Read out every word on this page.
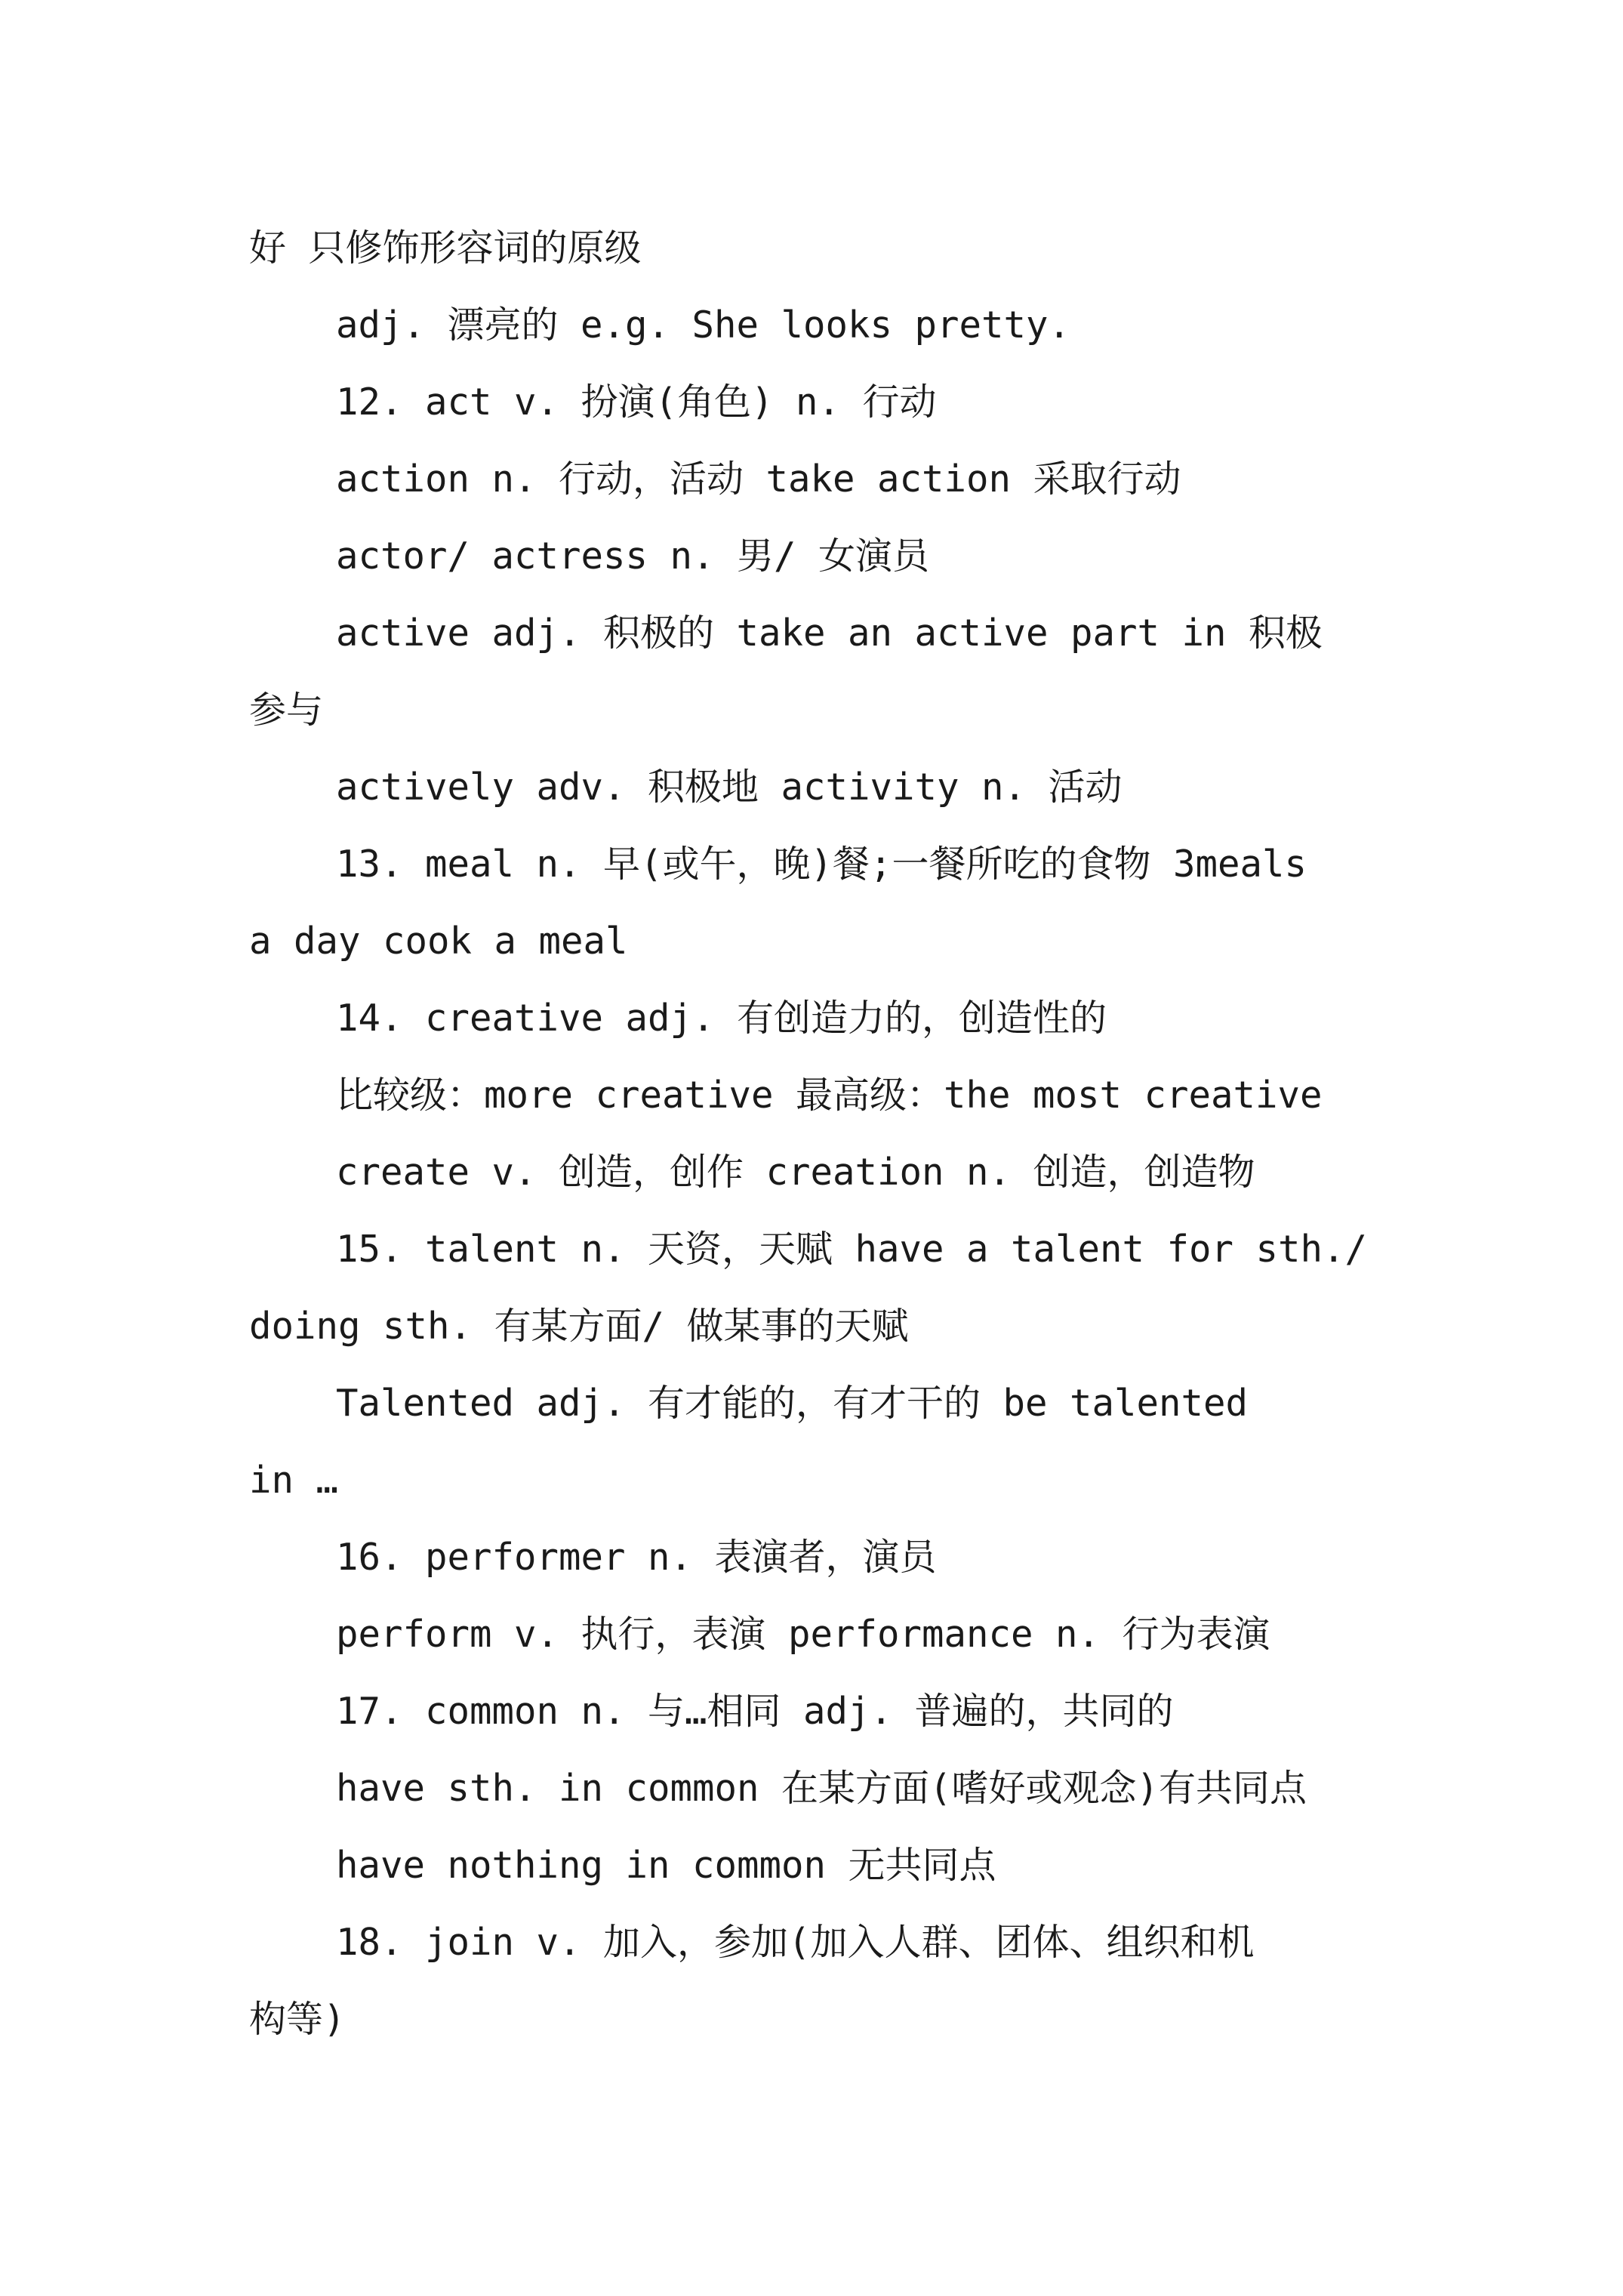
好 只修饰形容词的原级
adj. 漂亮的 e.g. She looks pretty.
12. act v. 扮演(角色) n. 行动
action n. 行动，活动 take action 采取行动
actor/ actress n. 男/ 女演员
active adj. 积极的 take an active part in 积极
参与
actively adv. 积极地 activity n. 活动
13. meal n. 早(或午，晚)餐;一餐所吃的食物 3meals
a day cook a meal
14. creative adj. 有创造力的，创造性的
比较级：more creative 最高级：the most creative
create v. 创造，创作 creation n. 创造，创造物
15. talent n. 天资，天赋 have a talent for sth./
doing sth. 有某方面/ 做某事的天赋
Talented adj. 有才能的，有才干的 be talented
in …
16. performer n. 表演者，演员
perform v. 执行，表演 performance n. 行为表演
17. common n. 与…相同 adj. 普遍的，共同的
have sth. in common 在某方面(嗜好或观念)有共同点
have nothing in common 无共同点
18. join v. 加入，参加(加入人群、团体、组织和机
构等)
